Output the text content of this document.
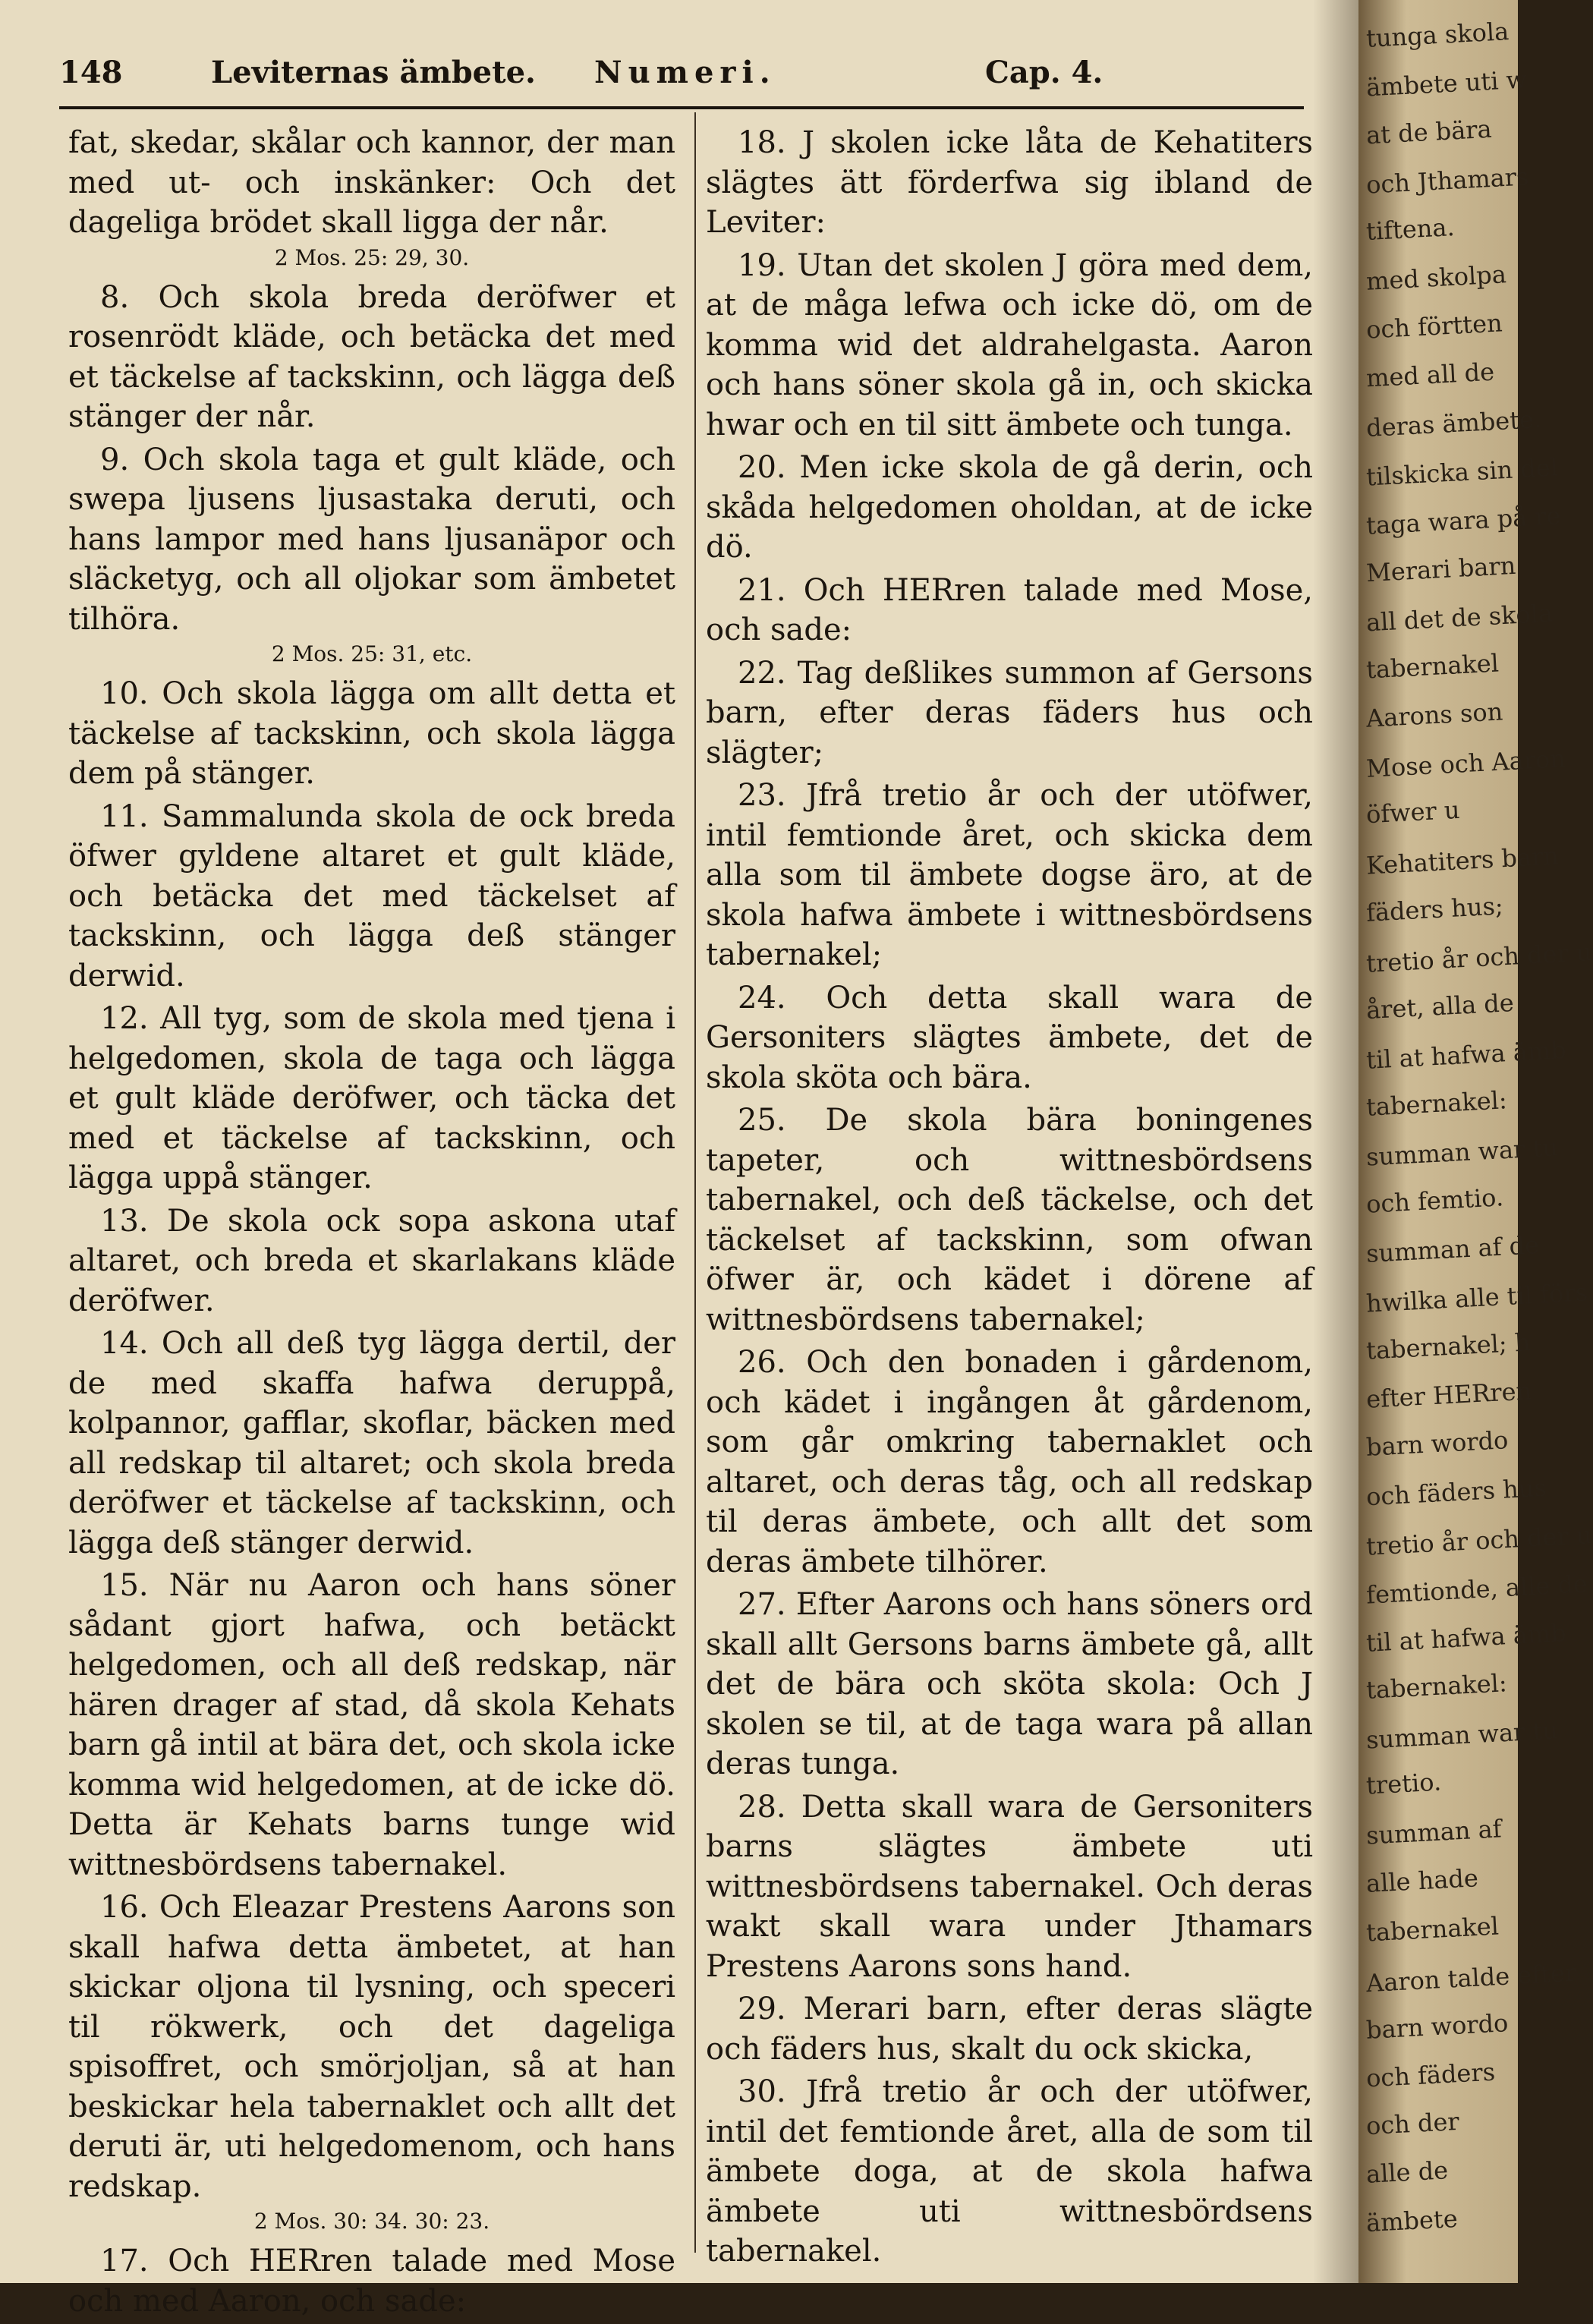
148	Leviternas ämbete. Numeri.	Cap. 4.

fat, skedar, skålar och kannor, der man med ut- och inskänker: Och det dageliga brödet skall ligga der når.

2 Mos. 25: 29, 30.

8. Och skola breda deröfwer et rosenrödt kläde, och betäcka det med et täckelse af tackskinn, och lägga deß stänger der når.

9. Och skola taga et gult kläde, och swepa ljusens ljusastaka deruti, och hans lampor med hans ljusanäpor och släcketyg, och all oljokar som ämbetet tilhöra.

2 Mos. 25: 31, etc.

10. Och skola lägga om allt detta et täckelse af tackskinn, och skola lägga dem på stänger.

11. Sammalunda skola de ock breda öfwer gyldene altaret et gult kläde, och betäcka det med täckelset af tackskinn, och lägga deß stänger derwid.

12. All tyg, som de skola med tjena i helgedomen, skola de taga och lägga et gult kläde deröfwer, och täcka det med et täckelse af tackskinn, och lägga uppå stänger.

13. De skola ock sopa askona utaf altaret, och breda et skarlakans kläde deröfwer.

14. Och all deß tyg lägga dertil, der de med skaffa hafwa deruppå, kolpannor, gafflar, skoflar, bäcken med all redskap til altaret; och skola breda deröfwer et täckelse af tackskinn, och lägga deß stänger derwid.

15. När nu Aaron och hans söner sådant gjort hafwa, och betäckt helgedomen, och all deß redskap, när hären drager af stad, då skola Kehats barn gå intil at bära det, och skola icke komma wid helgedomen, at de icke dö. Detta är Kehats barns tunge wid wittnesbördsens tabernakel.

16. Och Eleazar Prestens Aarons son skall hafwa detta ämbetet, at han skickar oljona til lysning, och speceri til rökwerk, och det dageliga spisoffret, och smörjoljan, så at han beskickar hela tabernaklet och allt det deruti är, uti helgedomenom, och hans redskap.

2 Mos. 30: 34. 30: 23.

17. Och HERren talade med Mose och med Aaron, och sade:

18. J skolen icke låta de Kehatiters slägtes ätt förderfwa sig ibland de Leviter:

19. Utan det skolen J göra med dem, at de måga lefwa och icke dö, om de komma wid det aldrahelgasta. Aaron och hans söner skola gå in, och skicka hwar och en til sitt ämbete och tunga.

20. Men icke skola de gå derin, och skåda helgedomen oholdan, at de icke dö.

21. Och HERren talade med Mose, och sade:

22. Tag deßlikes summon af Gersons barn, efter deras fäders hus och slägter;

23. Jfrå tretio år och der utöfwer, intil femtionde året, och skicka dem alla som til ämbete dogse äro, at de skola hafwa ämbete i wittnesbördsens tabernakel;

24. Och detta skall wara de Gersoniters slägtes ämbete, det de skola sköta och bära.

25. De skola bära boningenes tapeter, och wittnesbördsens tabernakel, och deß täckelse, och det täckelset af tackskinn, som ofwan öfwer är, och kädet i dörene af wittnesbördsens tabernakel;

26. Och den bonaden i gårdenom, och kädet i ingången åt gårdenom, som går omkring tabernaklet och altaret, och deras tåg, och all redskap til deras ämbete, och allt det som deras ämbete tilhörer.

27. Efter Aarons och hans söners ord skall allt Gersons barns ämbete gå, allt det de bära och sköta skola: Och J skolen se til, at de taga wara på allan deras tunga.

28. Detta skall wara de Gersoniters barns slägtes ämbete uti wittnesbördsens tabernakel. Och deras wakt skall wara under Jthamars Prestens Aarons sons hand.

29. Merari barn, efter deras slägte och fäders hus, skalt du ock skicka,

30. Jfrå tretio år och der utöfwer, intil det femtionde året, alla de som til ämbete doga, at de skola hafwa ämbete uti wittnesbördsens tabernakel.

tunga skola
ämbete uti w
at de bära
och Jthamars
tiftena.
med skolpa
och förtten
med all de
deras ämbete.
tilskicka sin del
taga wara på re
Merari barn
all det de skola
tabernakel
Aarons son
Mose och Aaron
öfwer u
Kehatiters barn
fäders hus;
tretio år och der u
året, alla de
til at hafwa ämb
tabernakel:
summan war tu
och femtio.
summan af de
hwilka alle til förs
tabernakel; h
efter HERren
barn wordo
och fäders hus
tretio år och der u
femtionde, alle de
til at hafwa ämb
tabernakel:
summan war tu
tretio.
summan af
alle hade
tabernakel
Aaron talde efter
barn wordo
och fäders
och der
alle de
ämbete
